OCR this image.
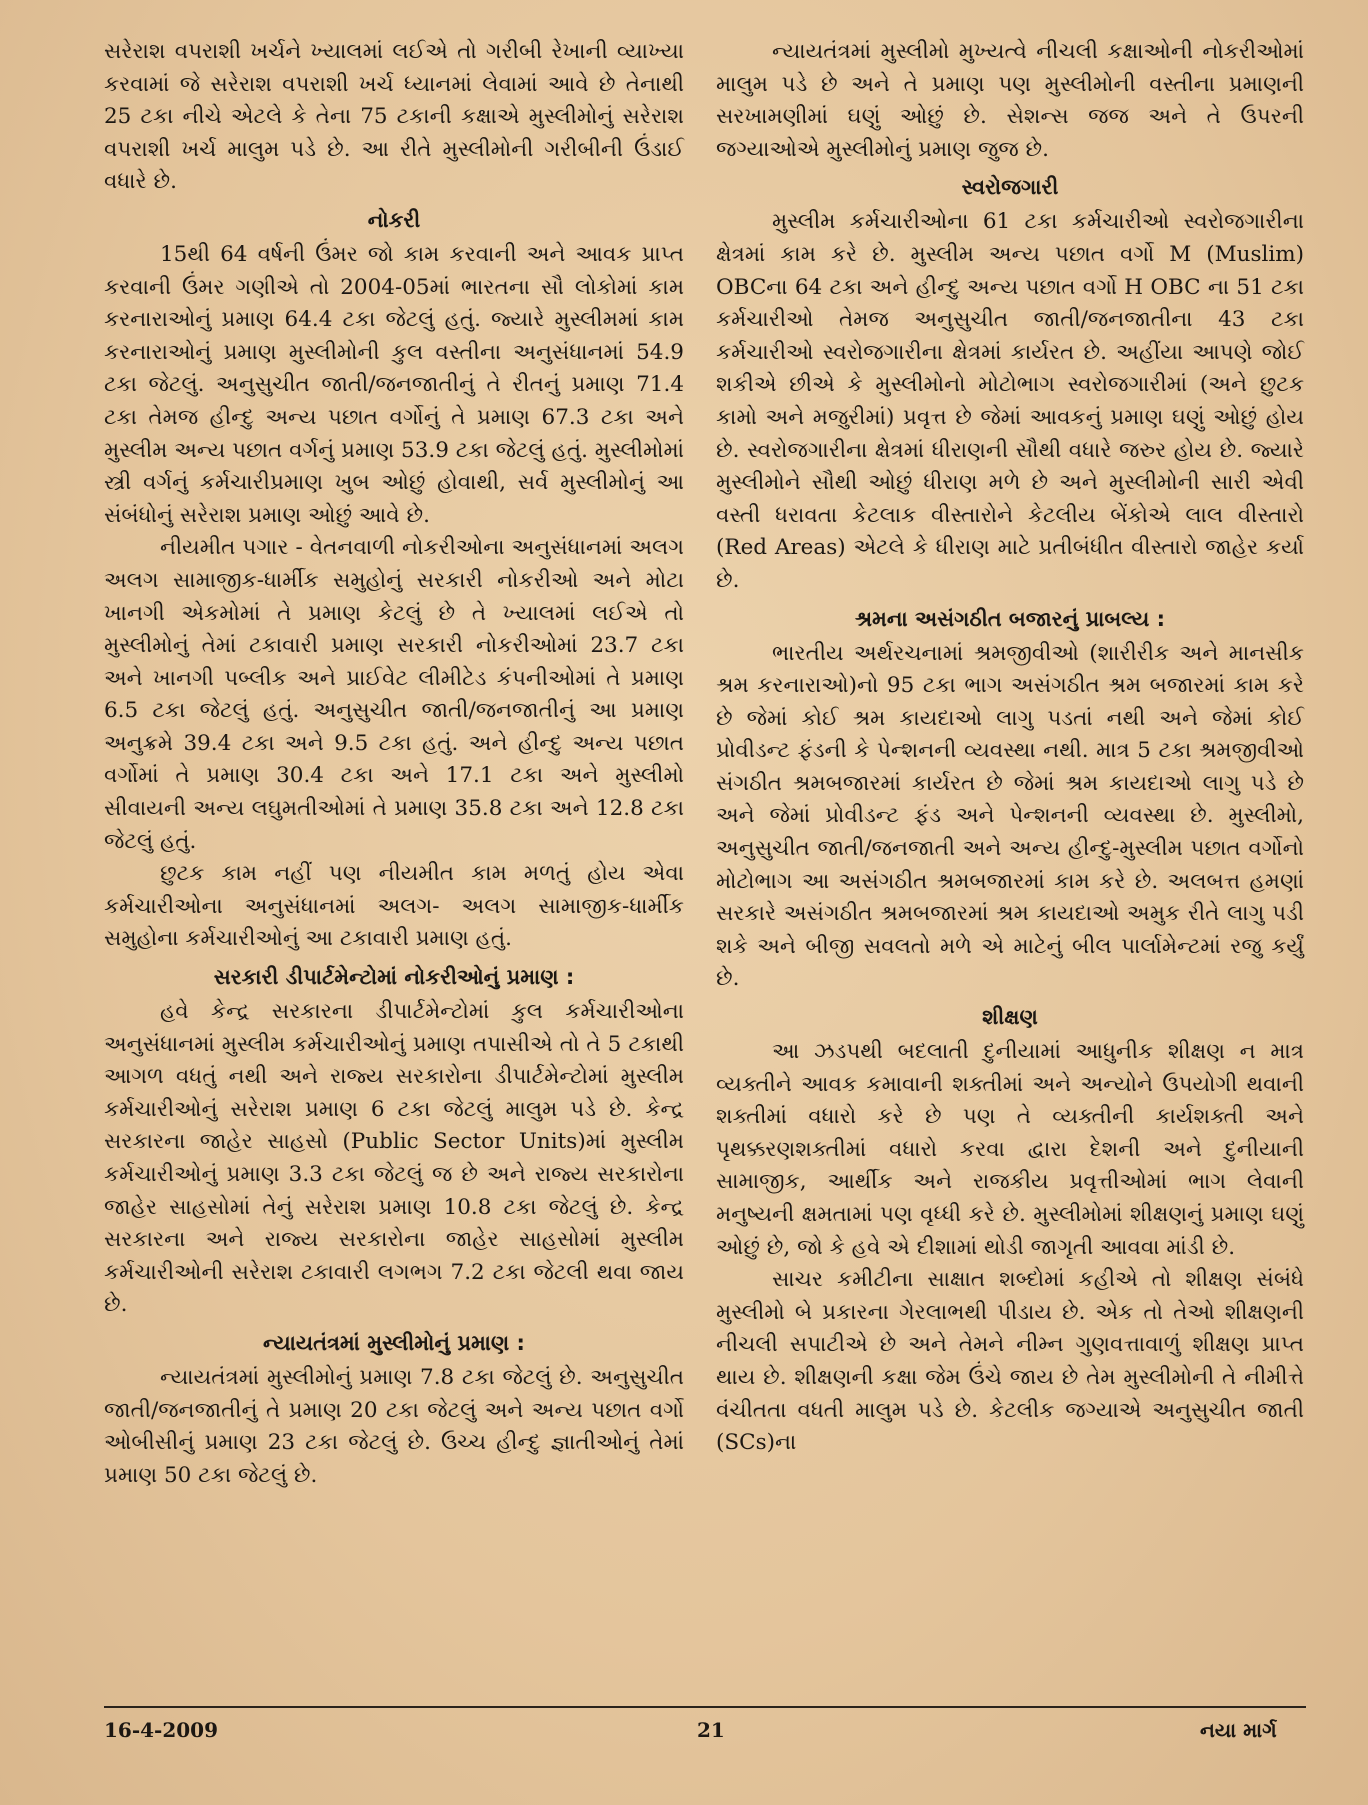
સરેરાશ વપરાશી ખર્ચને ખ્યાલમાં લઈએ તો ગરીબી રેખાની વ્યાખ્યા કરવામાં જે સરેરાશ વપરાશી ખર્ચ ધ્યાનમાં લેવામાં આવે છે તેનાથી 25 ટકા નીચે એટલે કે તેના 75 ટકાની કક્ષાએ મુસ્લીમોનું સરેરાશ વપરાશી ખર્ચ માલુમ પડે છે. આ રીતે મુસ્લીમોની ગરીબીની ઉંડાઈ વધારે છે.

નોકરી

15થી 64 વર્ષની ઉંમર જો કામ કરવાની અને આવક પ્રાપ્ત કરવાની ઉંમર ગણીએ તો 2004-05માં ભારતના સૌ લોકોમાં કામ કરનારાઓનું પ્રમાણ 64.4 ટકા જેટલું હતું. જ્યારે મુસ્લીમમાં કામ કરનારાઓનું પ્રમાણ મુસ્લીમોની કુલ વસ્તીના અનુસંધાનમાં 54.9 ટકા જેટલું. અનુસુચીત જાતી/જનજાતીનું તે રીતનું પ્રમાણ 71.4 ટકા તેમજ હીન્દુ અન્ય પછાત વર્ગોનું તે પ્રમાણ 67.3 ટકા અને મુસ્લીમ અન્ય પછાત વર્ગનું પ્રમાણ 53.9 ટકા જેટલું હતું. મુસ્લીમોમાં સ્ત્રી વર્ગનું કર્મચારીપ્રમાણ ખુબ ઓછું હોવાથી, સર્વ મુસ્લીમોનું આ સંબંધોનું સરેરાશ પ્રમાણ ઓછું આવે છે.

નીયમીત પગાર - વેતનવાળી નોકરીઓના અનુસંધાનમાં અલગ અલગ સામાજીક-ધાર્મીક સમુહોનું સરકારી નોકરીઓ અને મોટા ખાનગી એકમોમાં તે પ્રમાણ કેટલું છે તે ખ્યાલમાં લઈએ તો મુસ્લીમોનું તેમાં ટકાવારી પ્રમાણ સરકારી નોકરીઓમાં 23.7 ટકા અને ખાનગી પબ્લીક અને પ્રાઈવેટ લીમીટેડ કંપનીઓમાં તે પ્રમાણ 6.5 ટકા જેટલું હતું. અનુસુચીત જાતી/જનજાતીનું આ પ્રમાણ અનુક્રમે 39.4 ટકા અને 9.5 ટકા હતું. અને હીન્દુ અન્ય પછાત વર્ગોમાં તે પ્રમાણ 30.4 ટકા અને 17.1 ટકા અને મુસ્લીમો સીવાયની અન્ય લઘુમતીઓમાં તે પ્રમાણ 35.8 ટકા અને 12.8 ટકા જેટલું હતું.

છુટક કામ નહીં પણ નીયમીત કામ મળતું હોય એવા કર્મચારીઓના અનુસંધાનમાં અલગ- અલગ સામાજીક-ધાર્મીક સમુહોના કર્મચારીઓનું આ ટકાવારી પ્રમાણ હતું.

સરકારી ડીપાર્ટમેન્ટોમાં નોકરીઓનું પ્રમાણ :

હવે કેન્દ્ર સરકારના ડીપાર્ટમેન્ટોમાં કુલ કર્મચારીઓના અનુસંધાનમાં મુસ્લીમ કર્મચારીઓનું પ્રમાણ તપાસીએ તો તે 5 ટકાથી આગળ વધતું નથી અને રાજ્ય સરકારોના ડીપાર્ટમેન્ટોમાં મુસ્લીમ કર્મચારીઓનું સરેરાશ પ્રમાણ 6 ટકા જેટલું માલુમ પડે છે. કેન્દ્ર સરકારના જાહેર સાહસો (Public Sector Units)માં મુસ્લીમ કર્મચારીઓનું પ્રમાણ 3.3 ટકા જેટલું જ છે અને રાજ્ય સરકારોના જાહેર સાહસોમાં તેનું સરેરાશ પ્રમાણ 10.8 ટકા જેટલું છે. કેન્દ્ર સરકારના અને રાજ્ય સરકારોના જાહેર સાહસોમાં મુસ્લીમ કર્મચારીઓની સરેરાશ ટકાવારી લગભગ 7.2 ટકા જેટલી થવા જાય છે.

ન્યાયતંત્રમાં મુસ્લીમોનું પ્રમાણ :

ન્યાયતંત્રમાં મુસ્લીમોનું પ્રમાણ 7.8 ટકા જેટલું છે. અનુસુચીત જાતી/જનજાતીનું તે પ્રમાણ 20 ટકા જેટલું અને અન્ય પછાત વર્ગો ઓબીસીનું પ્રમાણ 23 ટકા જેટલું છે. ઉચ્ચ હીન્દુ જ્ઞાતીઓનું તેમાં પ્રમાણ 50 ટકા જેટલું છે.

ન્યાયતંત્રમાં મુસ્લીમો મુખ્યત્વે નીચલી કક્ષાઓની નોકરીઓમાં માલુમ પડે છે અને તે પ્રમાણ પણ મુસ્લીમોની વસ્તીના પ્રમાણની સરખામણીમાં ઘણું ઓછું છે. સેશન્સ જજ અને તે ઉપરની જગ્યાઓએ મુસ્લીમોનું પ્રમાણ જુજ છે.

સ્વરોજગારી

મુસ્લીમ કર્મચારીઓના 61 ટકા કર્મચારીઓ સ્વરોજગારીના ક્ષેત્રમાં કામ કરે છે. મુસ્લીમ અન્ય પછાત વર્ગો M (Muslim) OBCના 64 ટકા અને હીન્દુ અન્ય પછાત વર્ગો H OBC ના 51 ટકા કર્મચારીઓ તેમજ અનુસુચીત જાતી/જનજાતીના 43 ટકા કર્મચારીઓ સ્વરોજગારીના ક્ષેત્રમાં કાર્યરત છે. અહીંયા આપણે જોઈ શકીએ છીએ કે મુસ્લીમોનો મોટોભાગ સ્વરોજગારીમાં (અને છુટક કામો અને મજુરીમાં) પ્રવૃત્ત છે જેમાં આવકનું પ્રમાણ ઘણું ઓછું હોય છે. સ્વરોજગારીના ક્ષેત્રમાં ધીરાણની સૌથી વધારે જરુર હોય છે. જ્યારે મુસ્લીમોને સૌથી ઓછું ધીરાણ મળે છે અને મુસ્લીમોની સારી એવી વસ્તી ધરાવતા કેટલાક વીસ્તારોને કેટલીય બેંકોએ લાલ વીસ્તારો (Red Areas) એટલે કે ધીરાણ માટે પ્રતીબંધીત વીસ્તારો જાહેર કર્યા છે.

શ્રમના અસંગઠીત બજારનું પ્રાબલ્ય :

ભારતીય અર્થરચનામાં શ્રમજીવીઓ (શારીરીક અને માનસીક શ્રમ કરનારાઓ)નો 95 ટકા ભાગ અસંગઠીત શ્રમ બજારમાં કામ કરે છે જેમાં કોઈ શ્રમ કાયદાઓ લાગુ પડતાં નથી અને જેમાં કોઈ પ્રોવીડન્ટ ફંડની કે પેન્શનની વ્યવસ્થા નથી. માત્ર 5 ટકા શ્રમજીવીઓ સંગઠીત શ્રમબજારમાં કાર્યરત છે જેમાં શ્રમ કાયદાઓ લાગુ પડે છે અને જેમાં પ્રોવીડન્ટ ફંડ અને પેન્શનની વ્યવસ્થા છે. મુસ્લીમો, અનુસુચીત જાતી/જનજાતી અને અન્ય હીન્દુ-મુસ્લીમ પછાત વર્ગોનો મોટોભાગ આ અસંગઠીત શ્રમબજારમાં કામ કરે છે. અલબત્ત હમણાં સરકારે અસંગઠીત શ્રમબજારમાં શ્રમ કાયદાઓ અમુક રીતે લાગુ પડી શકે અને બીજી સવલતો મળે એ માટેનું બીલ પાર્લામેન્ટમાં રજુ કર્યું છે.

શીક્ષણ

આ ઝડપથી બદલાતી દુનીયામાં આધુનીક શીક્ષણ ન માત્ર વ્યક્તીને આવક કમાવાની શક્તીમાં અને અન્યોને ઉપયોગી થવાની શક્તીમાં વધારો કરે છે પણ તે વ્યક્તીની કાર્યશક્તી અને પૃથક્કરણશક્તીમાં વધારો કરવા દ્વારા દેશની અને દુનીયાની સામાજીક, આર્થીક અને રાજકીય પ્રવૃત્તીઓમાં ભાગ લેવાની મનુષ્યની ક્ષમતામાં પણ વૃધ્ધી કરે છે. મુસ્લીમોમાં શીક્ષણનું પ્રમાણ ઘણું ઓછું છે, જો કે હવે એ દીશામાં થોડી જાગૃતી આવવા માંડી છે.

સાચર કમીટીના સાક્ષાત શબ્દોમાં કહીએ તો શીક્ષણ સંબંધે મુસ્લીમો બે પ્રકારના ગેરલાભથી પીડાય છે. એક તો તેઓ શીક્ષણની નીચલી સપાટીએ છે અને તેમને નીમ્ન ગુણવત્તાવાળું શીક્ષણ પ્રાપ્ત થાય છે. શીક્ષણની કક્ષા જેમ ઉંચે જાય છે તેમ મુસ્લીમોની તે નીમીત્તે વંચીતતા વધતી માલુમ પડે છે. કેટલીક જગ્યાએ અનુસુચીત જાતી (SCs)ના

16-4-2009	21	નયા માર્ગ
